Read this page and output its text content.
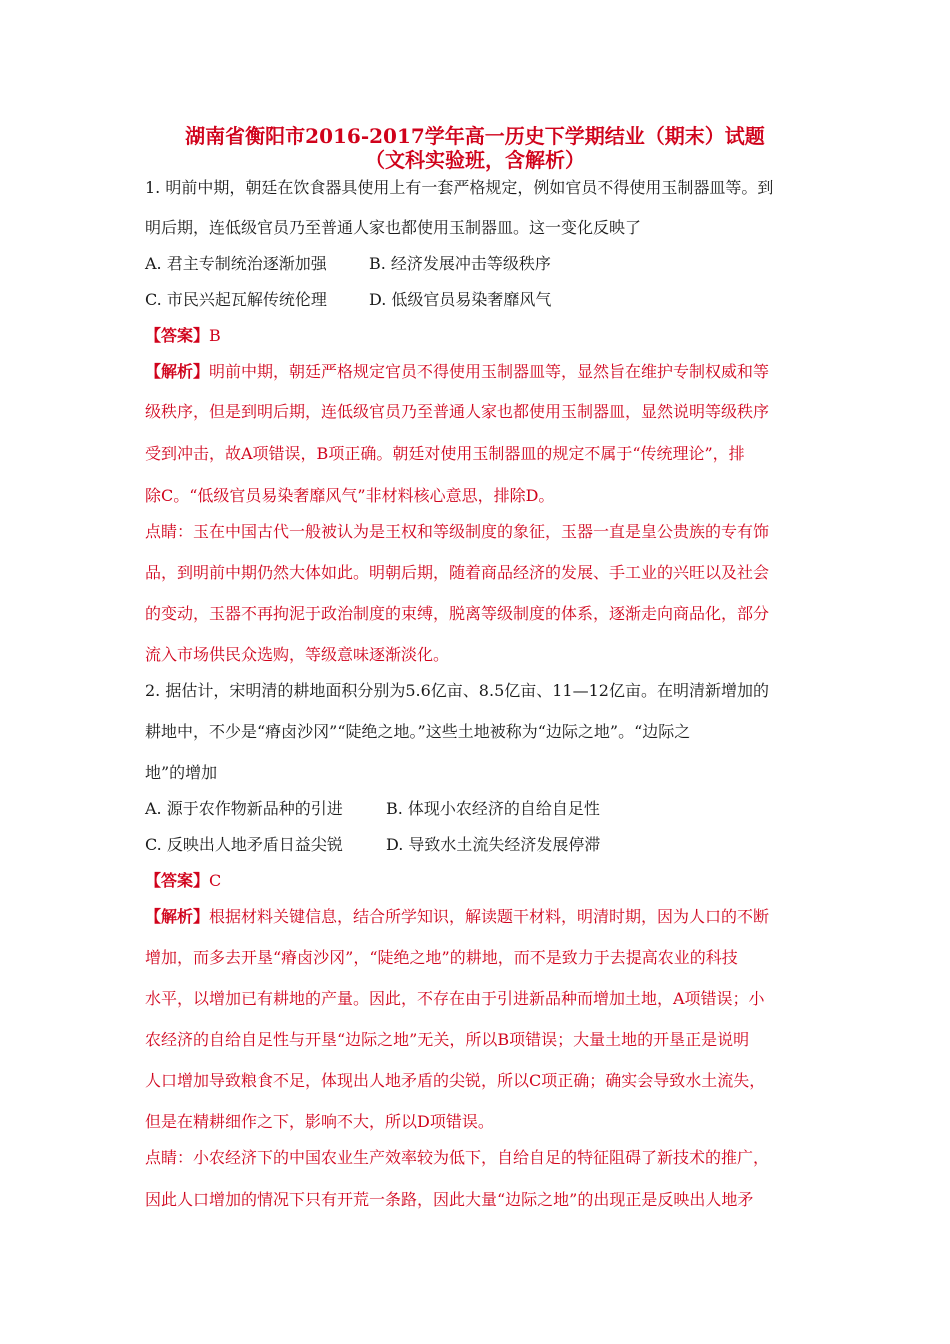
湖南省衡阳市2016-2017学年高一历史下学期结业（期末）试题
（文科实验班，含解析）
1. 明前中期，朝廷在饮食器具使用上有一套严格规定，例如官员不得使用玉制器皿等。到
明后期，连低级官员乃至普通人家也都使用玉制器皿。这一变化反映了
A. 君主专制统治逐渐加强	B. 经济发展冲击等级秩序
C. 市民兴起瓦解传统伦理	D. 低级官员易染奢靡风气
【答案】B
【解析】明前中期，朝廷严格规定官员不得使用玉制器皿等，显然旨在维护专制权威和等
级秩序，但是到明后期，连低级官员乃至普通人家也都使用玉制器皿，显然说明等级秩序
受到冲击，故A项错误，B项正确。朝廷对使用玉制器皿的规定不属于“传统理论”，排
除C。“低级官员易染奢靡风气”非材料核心意思，排除D。
点睛：玉在中国古代一般被认为是王权和等级制度的象征，玉器一直是皇公贵族的专有饰
品，到明前中期仍然大体如此。明朝后期，随着商品经济的发展、手工业的兴旺以及社会
的变动，玉器不再拘泥于政治制度的束缚，脱离等级制度的体系，逐渐走向商品化，部分
流入市场供民众选购，等级意味逐渐淡化。
2. 据估计，宋明清的耕地面积分别为5.6亿亩、8.5亿亩、11—12亿亩。在明清新增加的
耕地中，不少是“瘠卤沙冈”“陡绝之地。”这些土地被称为“边际之地”。“边际之
地”的增加
A. 源于农作物新品种的引进	B. 体现小农经济的自给自足性
C. 反映出人地矛盾日益尖锐	D. 导致水土流失经济发展停滞
【答案】C
【解析】根据材料关键信息，结合所学知识，解读题干材料，明清时期，因为人口的不断
增加，而多去开垦“瘠卤沙冈”，“陡绝之地”的耕地，而不是致力于去提高农业的科技
水平，以增加已有耕地的产量。因此，不存在由于引进新品种而增加土地，A项错误；小
农经济的自给自足性与开垦“边际之地”无关，所以B项错误；大量土地的开垦正是说明
人口增加导致粮食不足，体现出人地矛盾的尖锐，所以C项正确；确实会导致水土流失，
但是在精耕细作之下，影响不大，所以D项错误。
点睛：小农经济下的中国农业生产效率较为低下，自给自足的特征阻碍了新技术的推广，
因此人口增加的情况下只有开荒一条路，因此大量“边际之地”的出现正是反映出人地矛
